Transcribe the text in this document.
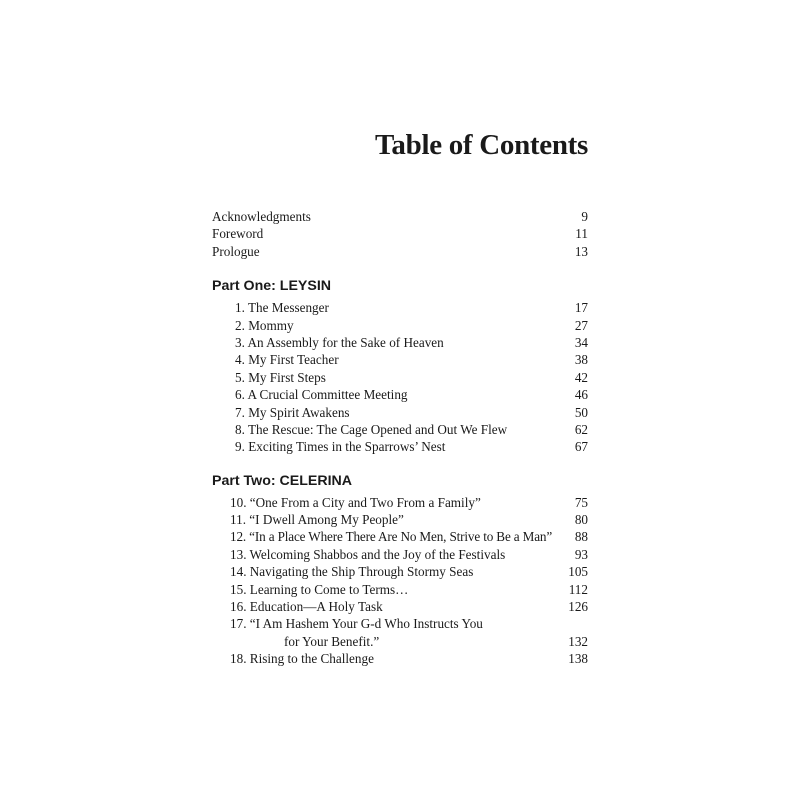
Table of Contents
Acknowledgments	9
Foreword	11
Prologue	13
Part One: LEYSIN
1. The Messenger	17
2. Mommy	27
3. An Assembly for the Sake of Heaven	34
4. My First Teacher	38
5. My First Steps	42
6. A Crucial Committee Meeting	46
7. My Spirit Awakens	50
8. The Rescue: The Cage Opened and Out We Flew	62
9. Exciting Times in the Sparrows’ Nest	67
Part Two: CELERINA
10. “One From a City and Two From a Family”	75
11. “I Dwell Among My People”	80
12. “In a Place Where There Are No Men, Strive to Be a Man” 88
13. Welcoming Shabbos and the Joy of the Festivals	93
14. Navigating the Ship Through Stormy Seas	105
15. Learning to Come to Terms…	112
16. Education—A Holy Task	126
17. “I Am Hashem Your G-d Who Instructs You
for Your Benefit.”	132
18. Rising to the Challenge	138
